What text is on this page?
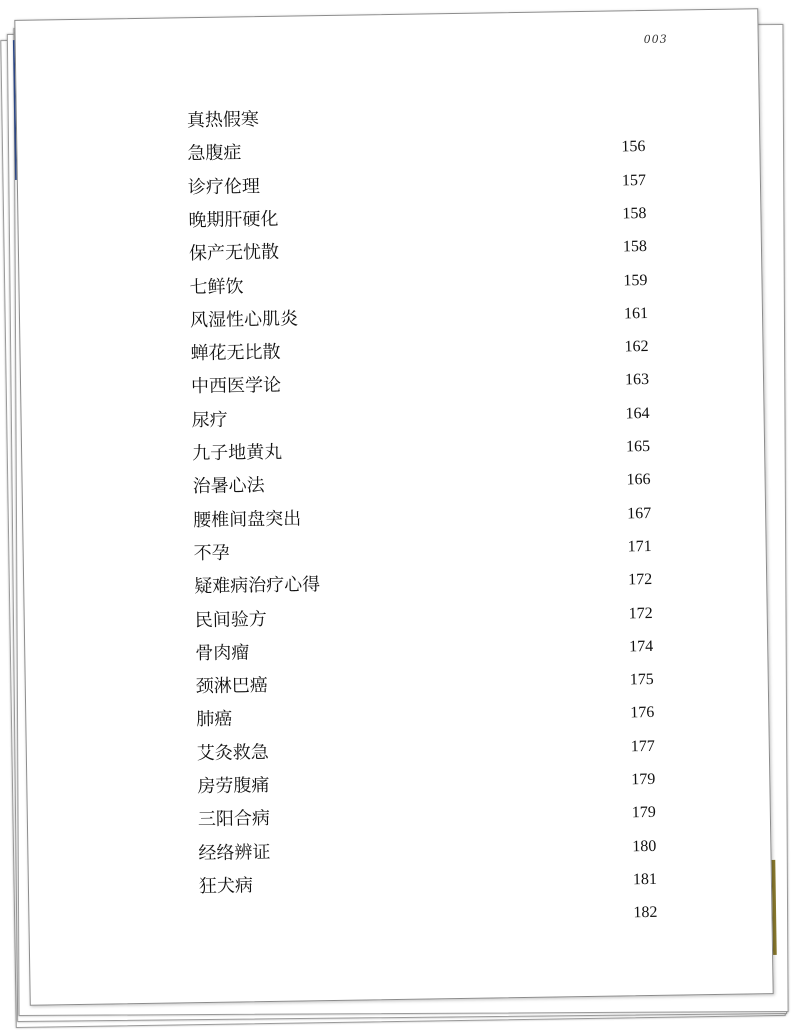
003
真热假寒
急腹症	156
诊疗伦理	157
晚期肝硬化	158
保产无忧散	158
七鲜饮	159
风湿性心肌炎	161
蝉花无比散	162
中西医学论	163
尿疗	164
九子地黄丸	165
治暑心法	166
腰椎间盘突出	167
不孕	171
疑难病治疗心得	172
民间验方	172
骨肉瘤	174
颈淋巴癌	175
肺癌	176
艾灸救急	177
房劳腹痛	179
三阳合病	179
经络辨证	180
狂犬病	181
182
